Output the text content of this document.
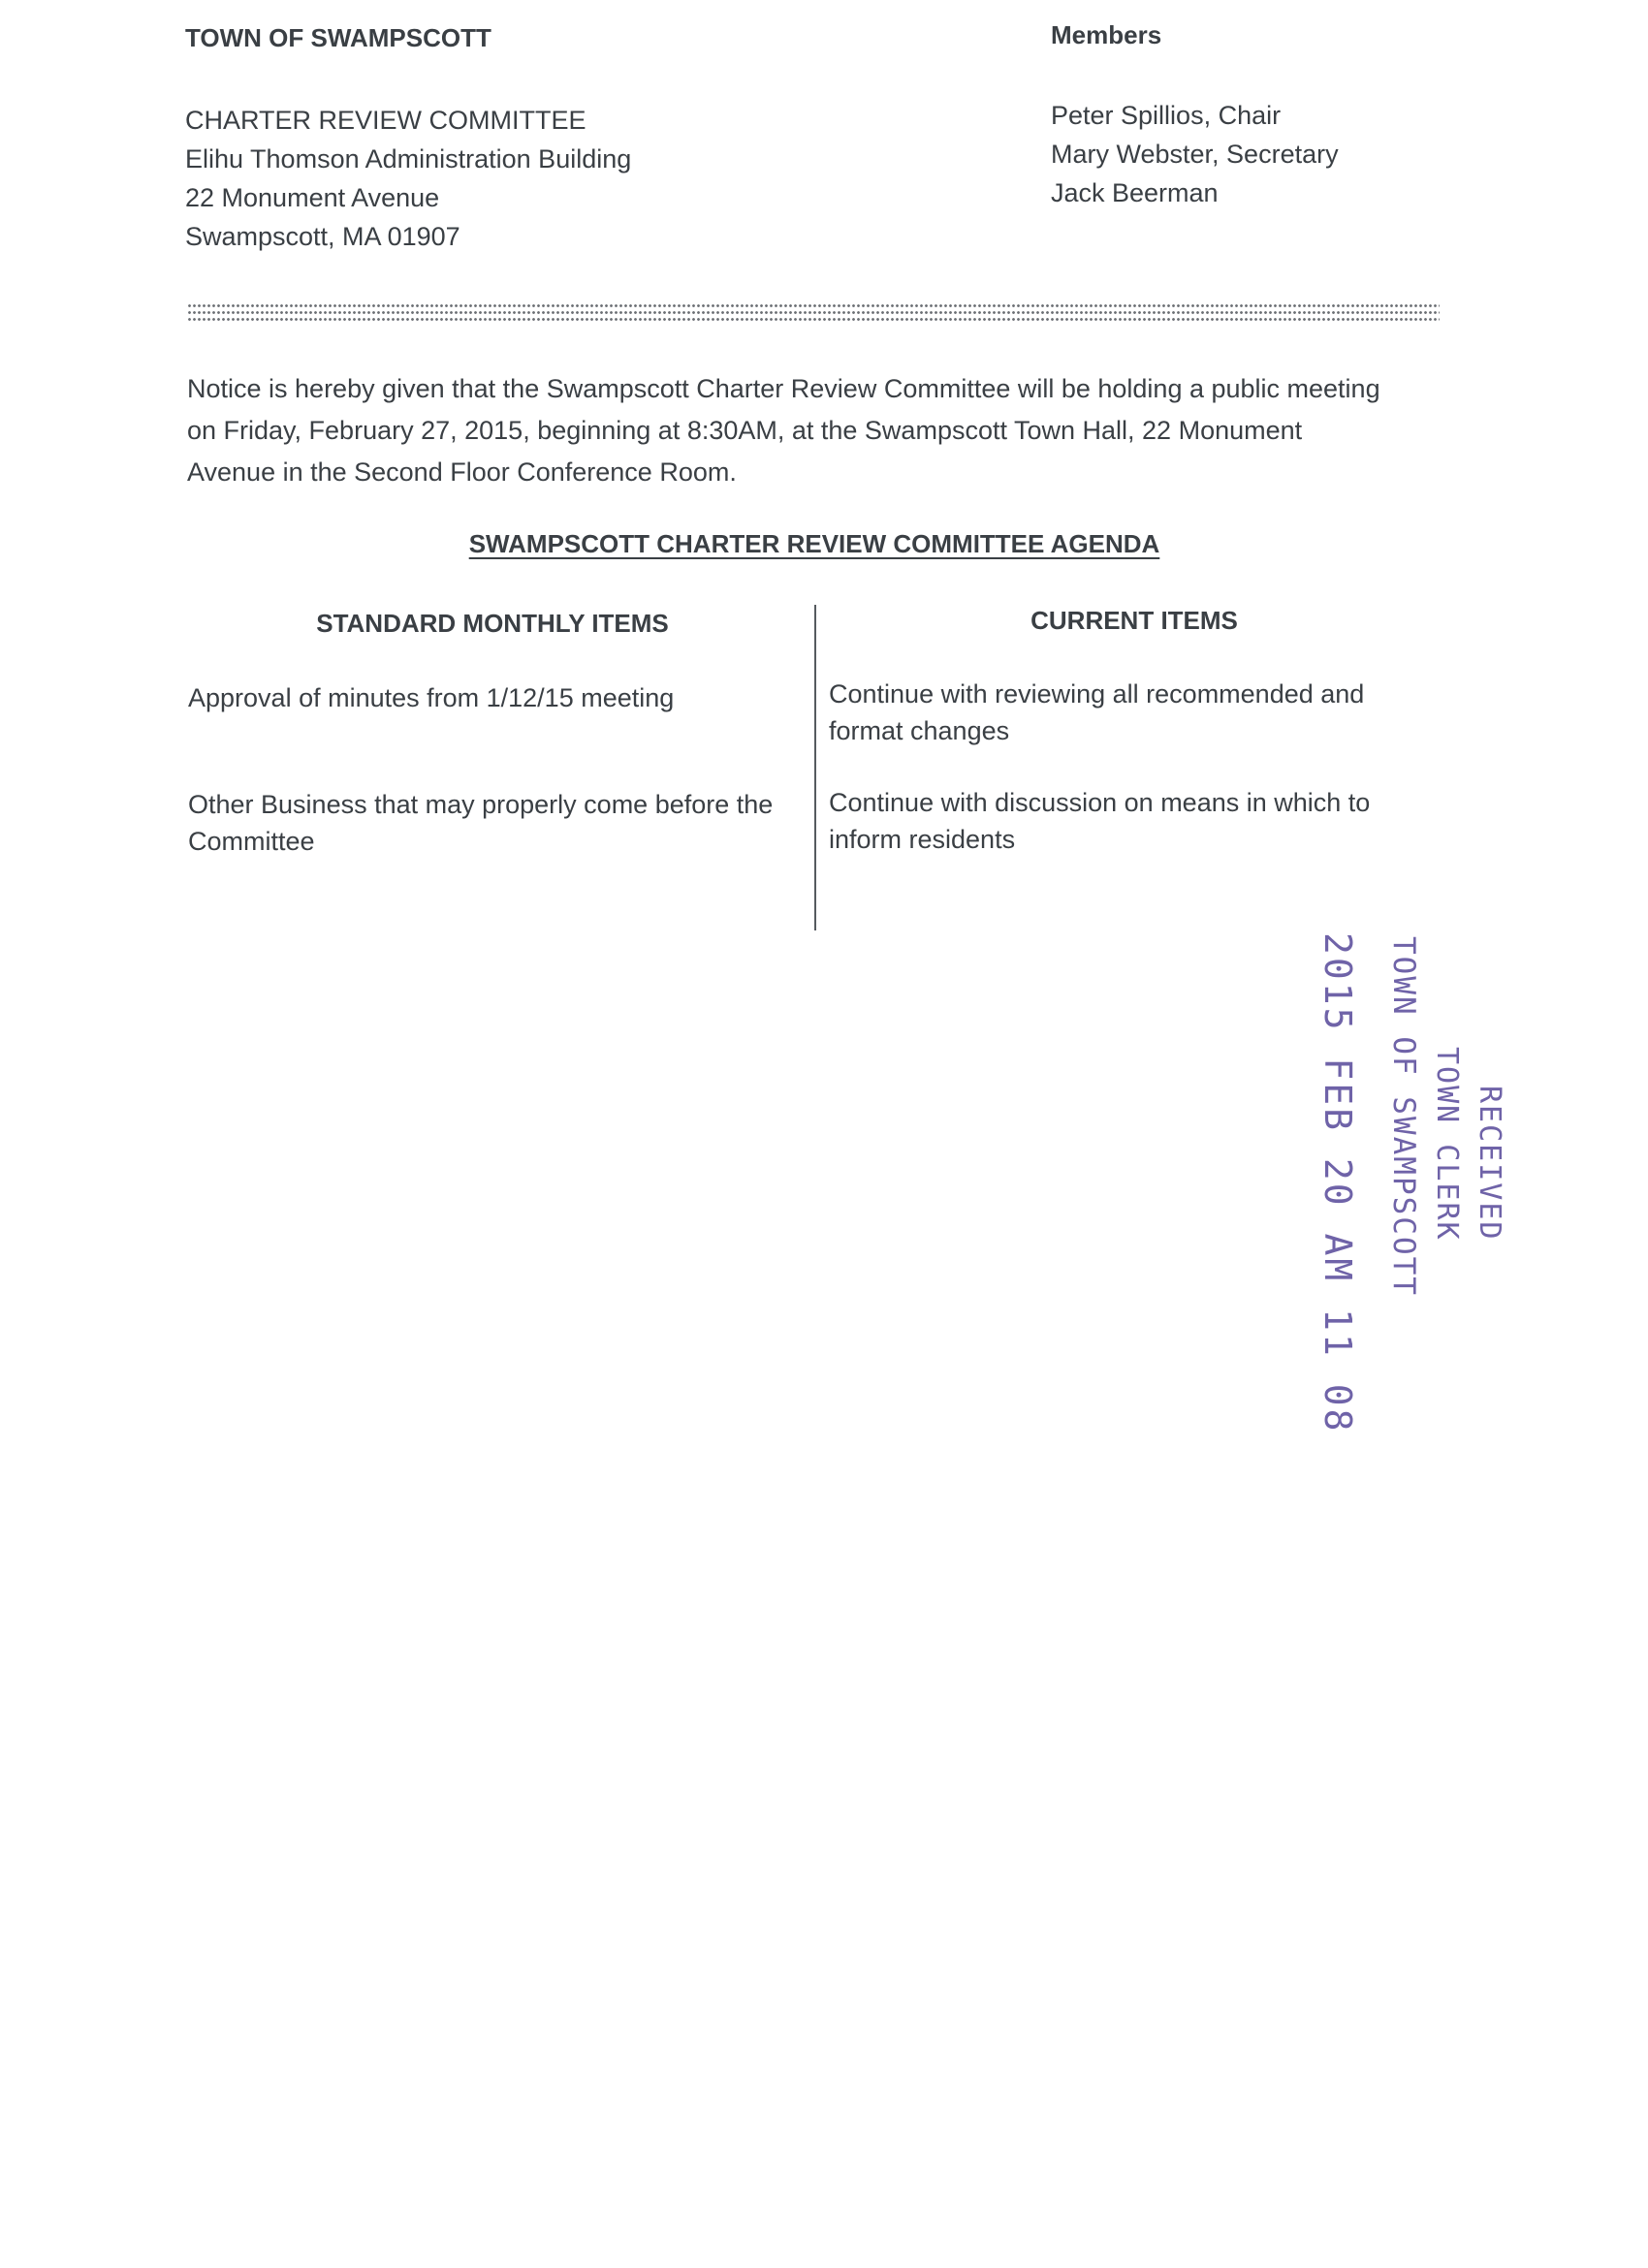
TOWN OF SWAMPSCOTT
CHARTER REVIEW COMMITTEE
Elihu Thomson Administration Building
22 Monument Avenue
Swampscott, MA 01907
Members
Peter Spillios, Chair
Mary Webster, Secretary
Jack Beerman
Notice is hereby given that the Swampscott Charter Review Committee will be holding a public meeting
on Friday, February 27, 2015, beginning at 8:30AM, at the Swampscott Town Hall, 22 Monument
Avenue in the Second Floor Conference Room.
SWAMPSCOTT CHARTER REVIEW COMMITTEE AGENDA
STANDARD MONTHLY ITEMS	CURRENT ITEMS
Approval of minutes from 1/12/15 meeting
Other Business that may properly come before the
Committee
Continue with reviewing all recommended and
format changes
Continue with discussion on means in which to
inform residents
RECEIVED
TOWN CLERK
TOWN OF SWAMPSCOTT
2015 FEB 20 AM 11 08
